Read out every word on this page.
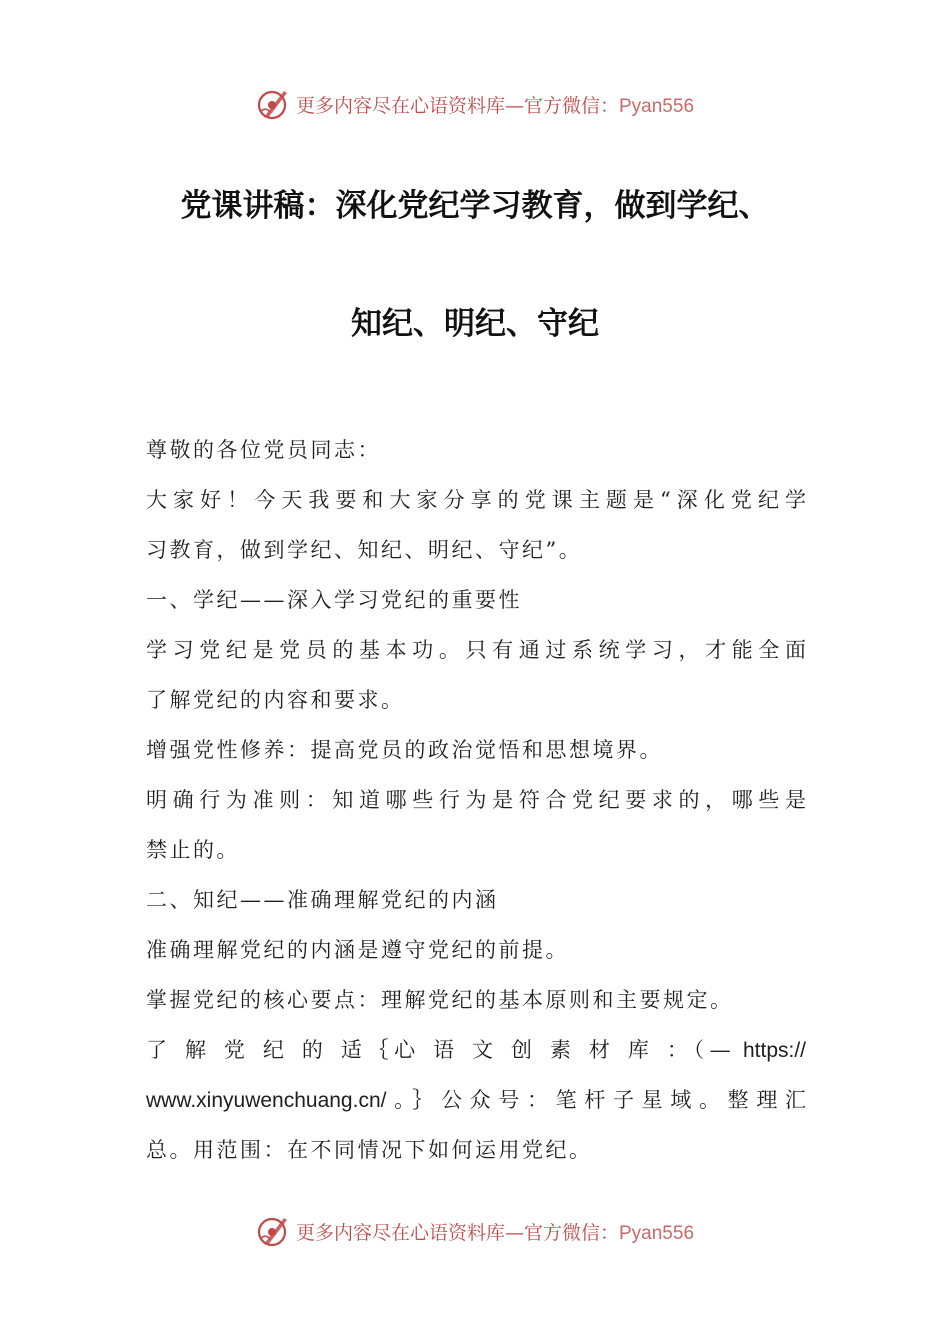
更多内容尽在心语资料库—官方微信：Pyan556
党课讲稿：深化党纪学习教育，做到学纪、
知纪、明纪、守纪
尊敬的各位党员同志：
大家好！今天我要和大家分享的党课主题是“深化党纪学
习教育，做到学纪、知纪、明纪、守纪”。
一、学纪——深入学习党纪的重要性
学习党纪是党员的基本功。只有通过系统学习，才能全面
了解党纪的内容和要求。
增强党性修养：提高党员的政治觉悟和思想境界。
明确行为准则：知道哪些行为是符合党纪要求的，哪些是
禁止的。
二、知纪——准确理解党纪的内涵
准确理解党纪的内涵是遵守党纪的前提。
掌握党纪的核心要点：理解党纪的基本原则和主要规定。
了 解 党 纪 的 适｛心 语 文 创 素 材 库 ：（— https://
www.xinyuwenchuang.cn/。｝公众号：笔杆子星域。整理汇
总。用范围：在不同情况下如何运用党纪。
更多内容尽在心语资料库—官方微信：Pyan556
